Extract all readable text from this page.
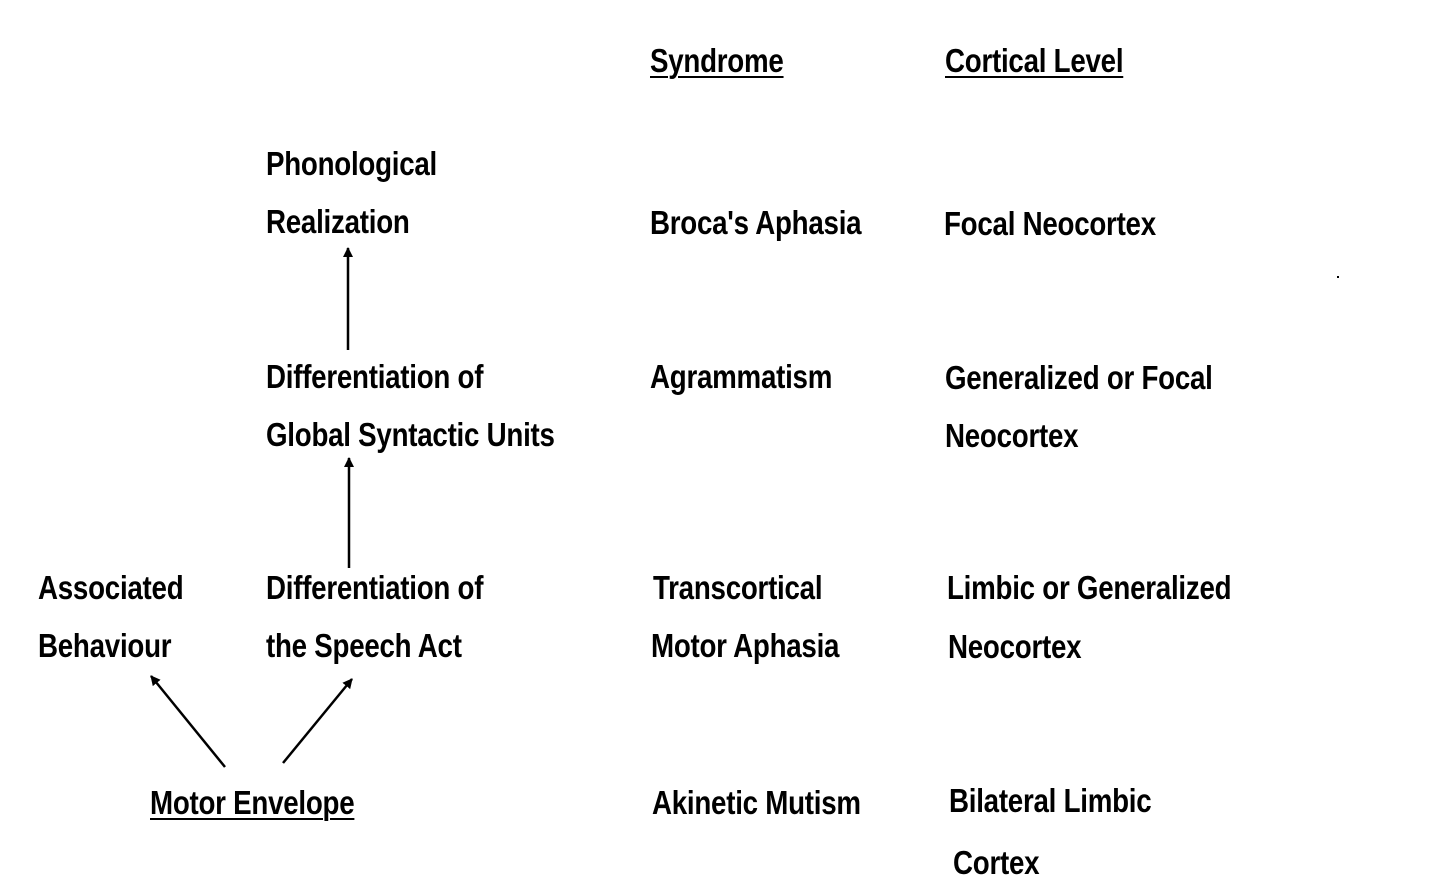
Syndrome	Cortical Level
Phonological
Realization
Differentiation of
Global Syntactic Units
Differentiation of
the Speech Act
Associated
Behaviour
Motor Envelope
Broca's Aphasia
Agrammatism
Transcortical
Motor Aphasia
Akinetic Mutism
Focal Neocortex
Generalized or Focal
Neocortex
Limbic or Generalized
Neocortex
Bilateral Limbic
Cortex
